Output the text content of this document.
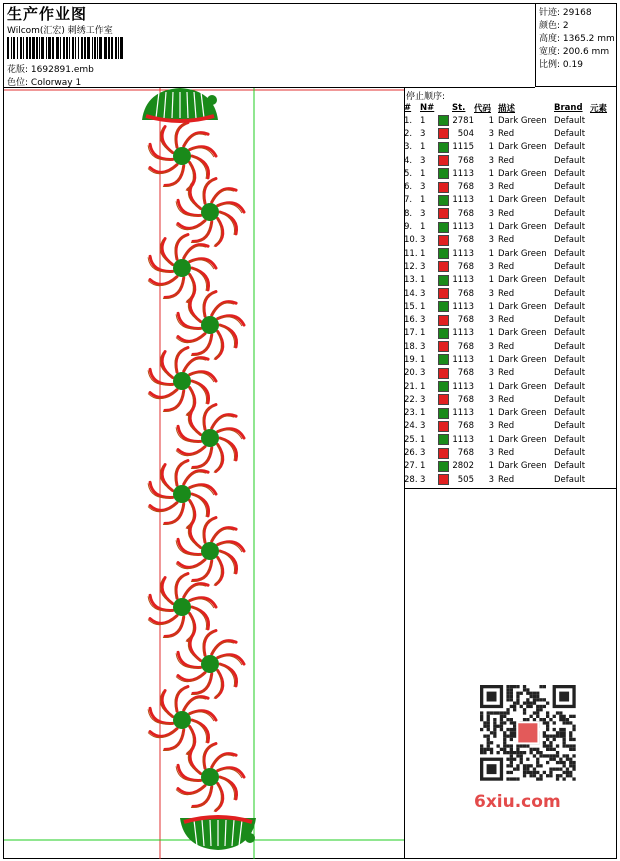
生产作业图
Wilcom(汇宏) 刺绣工作室
花版: 1692891.emb
色位: Colorway 1
针迹: 29168
颜色: 2
高度: 1365.2 mm
宽度: 200.6 mm
比例: 0.19
停止顺序:
#	N#		St.	代码	描述	Brand	元素
1.	1		2781	1	Dark Green	Default	
2.	3		504	3	Red	Default	
3.	1		1115	1	Dark Green	Default	
4.	3		768	3	Red	Default	
5.	1		1113	1	Dark Green	Default	
6.	3		768	3	Red	Default	
7.	1		1113	1	Dark Green	Default	
8.	3		768	3	Red	Default	
9.	1		1113	1	Dark Green	Default	
10.	3		768	3	Red	Default	
11.	1		1113	1	Dark Green	Default	
12.	3		768	3	Red	Default	
13.	1		1113	1	Dark Green	Default	
14.	3		768	3	Red	Default	
15.	1		1113	1	Dark Green	Default	
16.	3		768	3	Red	Default	
17.	1		1113	1	Dark Green	Default	
18.	3		768	3	Red	Default	
19.	1		1113	1	Dark Green	Default	
20.	3		768	3	Red	Default	
21.	1		1113	1	Dark Green	Default	
22.	3		768	3	Red	Default	
23.	1		1113	1	Dark Green	Default	
24.	3		768	3	Red	Default	
25.	1		1113	1	Dark Green	Default	
26.	3		768	3	Red	Default	
27.	1		2802	1	Dark Green	Default	
28.	3		505	3	Red	Default	
6xiu.com
